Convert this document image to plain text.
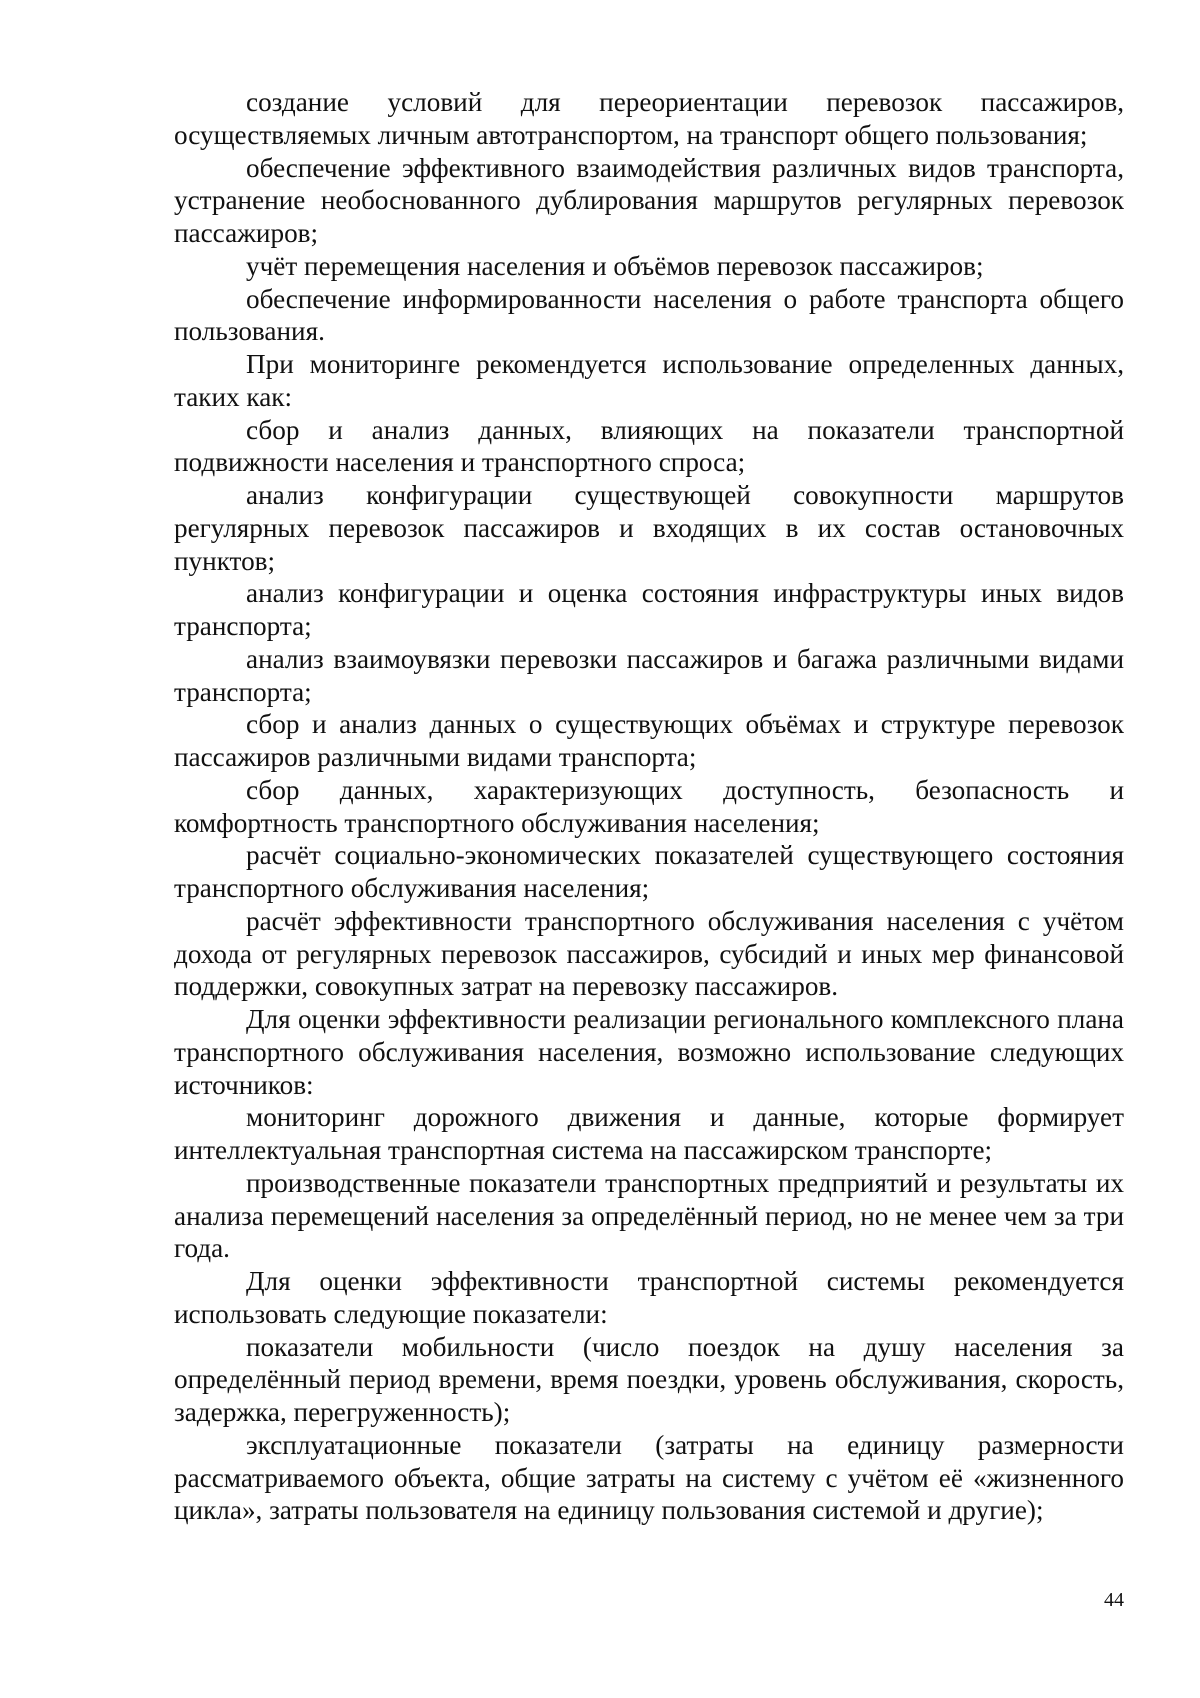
создание условий для переориентации перевозок пассажиров, осуществляемых личным автотранспортом, на транспорт общего пользования;

обеспечение эффективного взаимодействия различных видов транспорта, устранение необоснованного дублирования маршрутов регулярных перевозок пассажиров;

учёт перемещения населения и объёмов перевозок пассажиров;

обеспечение информированности населения о работе транспорта общего пользования.

При мониторинге рекомендуется использование определенных данных, таких как:

сбор и анализ данных, влияющих на показатели транспортной подвижности населения и транспортного спроса;

анализ конфигурации существующей совокупности маршрутов регулярных перевозок пассажиров и входящих в их состав остановочных пунктов;

анализ конфигурации и оценка состояния инфраструктуры иных видов транспорта;

анализ взаимоувязки перевозки пассажиров и багажа различными видами транспорта;

сбор и анализ данных о существующих объёмах и структуре перевозок пассажиров различными видами транспорта;

сбор данных, характеризующих доступность, безопасность и комфортность транспортного обслуживания населения;

расчёт социально-экономических показателей существующего состояния транспортного обслуживания населения;

расчёт эффективности транспортного обслуживания населения с учётом дохода от регулярных перевозок пассажиров, субсидий и иных мер финансовой поддержки, совокупных затрат на перевозку пассажиров.

Для оценки эффективности реализации регионального комплексного плана транспортного обслуживания населения, возможно использование следующих источников:

мониторинг дорожного движения и данные, которые формирует интеллектуальная транспортная система на пассажирском транспорте;

производственные показатели транспортных предприятий и результаты их анализа перемещений населения за определённый период, но не менее чем за три года.

Для оценки эффективности транспортной системы рекомендуется использовать следующие показатели:

показатели мобильности (число поездок на душу населения за определённый период времени, время поездки, уровень обслуживания, скорость, задержка, перегруженность);

эксплуатационные показатели (затраты на единицу размерности рассматриваемого объекта, общие затраты на систему с учётом её «жизненного цикла», затраты пользователя на единицу пользования системой и другие);

44
